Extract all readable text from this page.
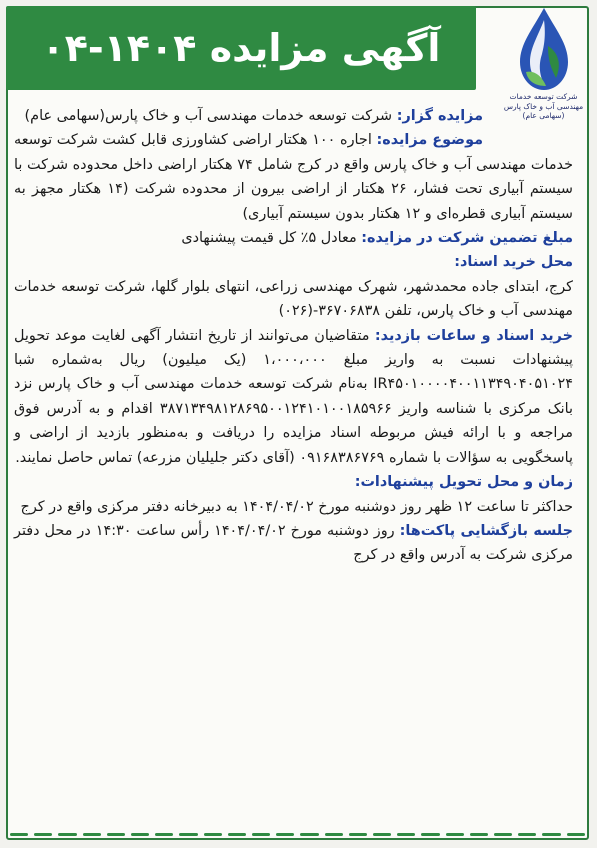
آگهی مزایده ۱۴۰۴-۰۴
شرکت توسعه خدمات
مهندسی آب و خاک پارس
(سهامی عام)

مزایده گزار: شرکت توسعه خدمات مهندسی آب و خاک پارس(سهامی عام)

موضوع مزایده: اجاره ۱۰۰ هکتار اراضی کشاورزی قابل کشت شرکت توسعه خدمات مهندسی آب و خاک پارس واقع در کرج شامل ۷۴ هکتار اراضی داخل محدوده شرکت با سیستم آبیاری تحت فشار، ۲۶ هکتار از اراضی بیرون از محدوده شرکت (۱۴ هکتار مجهز به سیستم آبیاری قطره‌ای و ۱۲ هکتار بدون سیستم آبیاری)

مبلغ تضمین شرکت در مزایده: معادل ۵٪ کل قیمت پیشنهادی

محل خرید اسناد:

کرج، ابتدای جاده محمدشهر، شهرک مهندسی زراعی، انتهای بلوار گلها، شرکت توسعه خدمات مهندسی آب و خاک پارس، تلفن ۳۶۷۰۶۸۳۸-(۰۲۶)

خرید اسناد و ساعات بازدید: متقاضیان می‌توانند از تاریخ انتشار آگهی لغایت موعد تحویل پیشنهادات نسبت به واریز مبلغ ۱،۰۰۰،۰۰۰ (یک میلیون) ریال به‌شماره شبا IR۴۵۰۱۰۰۰۰۴۰۰۱۱۳۴۹۰۴۰۵۱۰۲۴ به‌نام شرکت توسعه خدمات مهندسی آب و خاک پارس نزد بانک مرکزی با شناسه واریز ۳۸۷۱۳۴۹۸۱۲۸۶۹۵۰۰۱۲۴۱۰۱۰۰۱۸۵۹۶۶ اقدام و به آدرس فوق مراجعه و با ارائه فیش مربوطه اسناد مزایده را دریافت و به‌منظور بازدید از اراضی و پاسخگویی به سؤالات با شماره ۰۹۱۶۸۳۸۶۷۶۹ (آقای دکتر جلیلیان مزرعه) تماس حاصل نمایند.

زمان و محل تحویل پیشنهادات:

حداکثر تا ساعت ۱۲ ظهر روز دوشنبه مورخ ۱۴۰۴/۰۴/۰۲ به دبیرخانه دفتر مرکزی واقع در کرج

جلسه بازگشایی پاکت‌ها: روز دوشنبه مورخ ۱۴۰۴/۰۴/۰۲ رأس ساعت ۱۴:۳۰ در محل دفتر مرکزی شرکت به آدرس واقع در کرج
